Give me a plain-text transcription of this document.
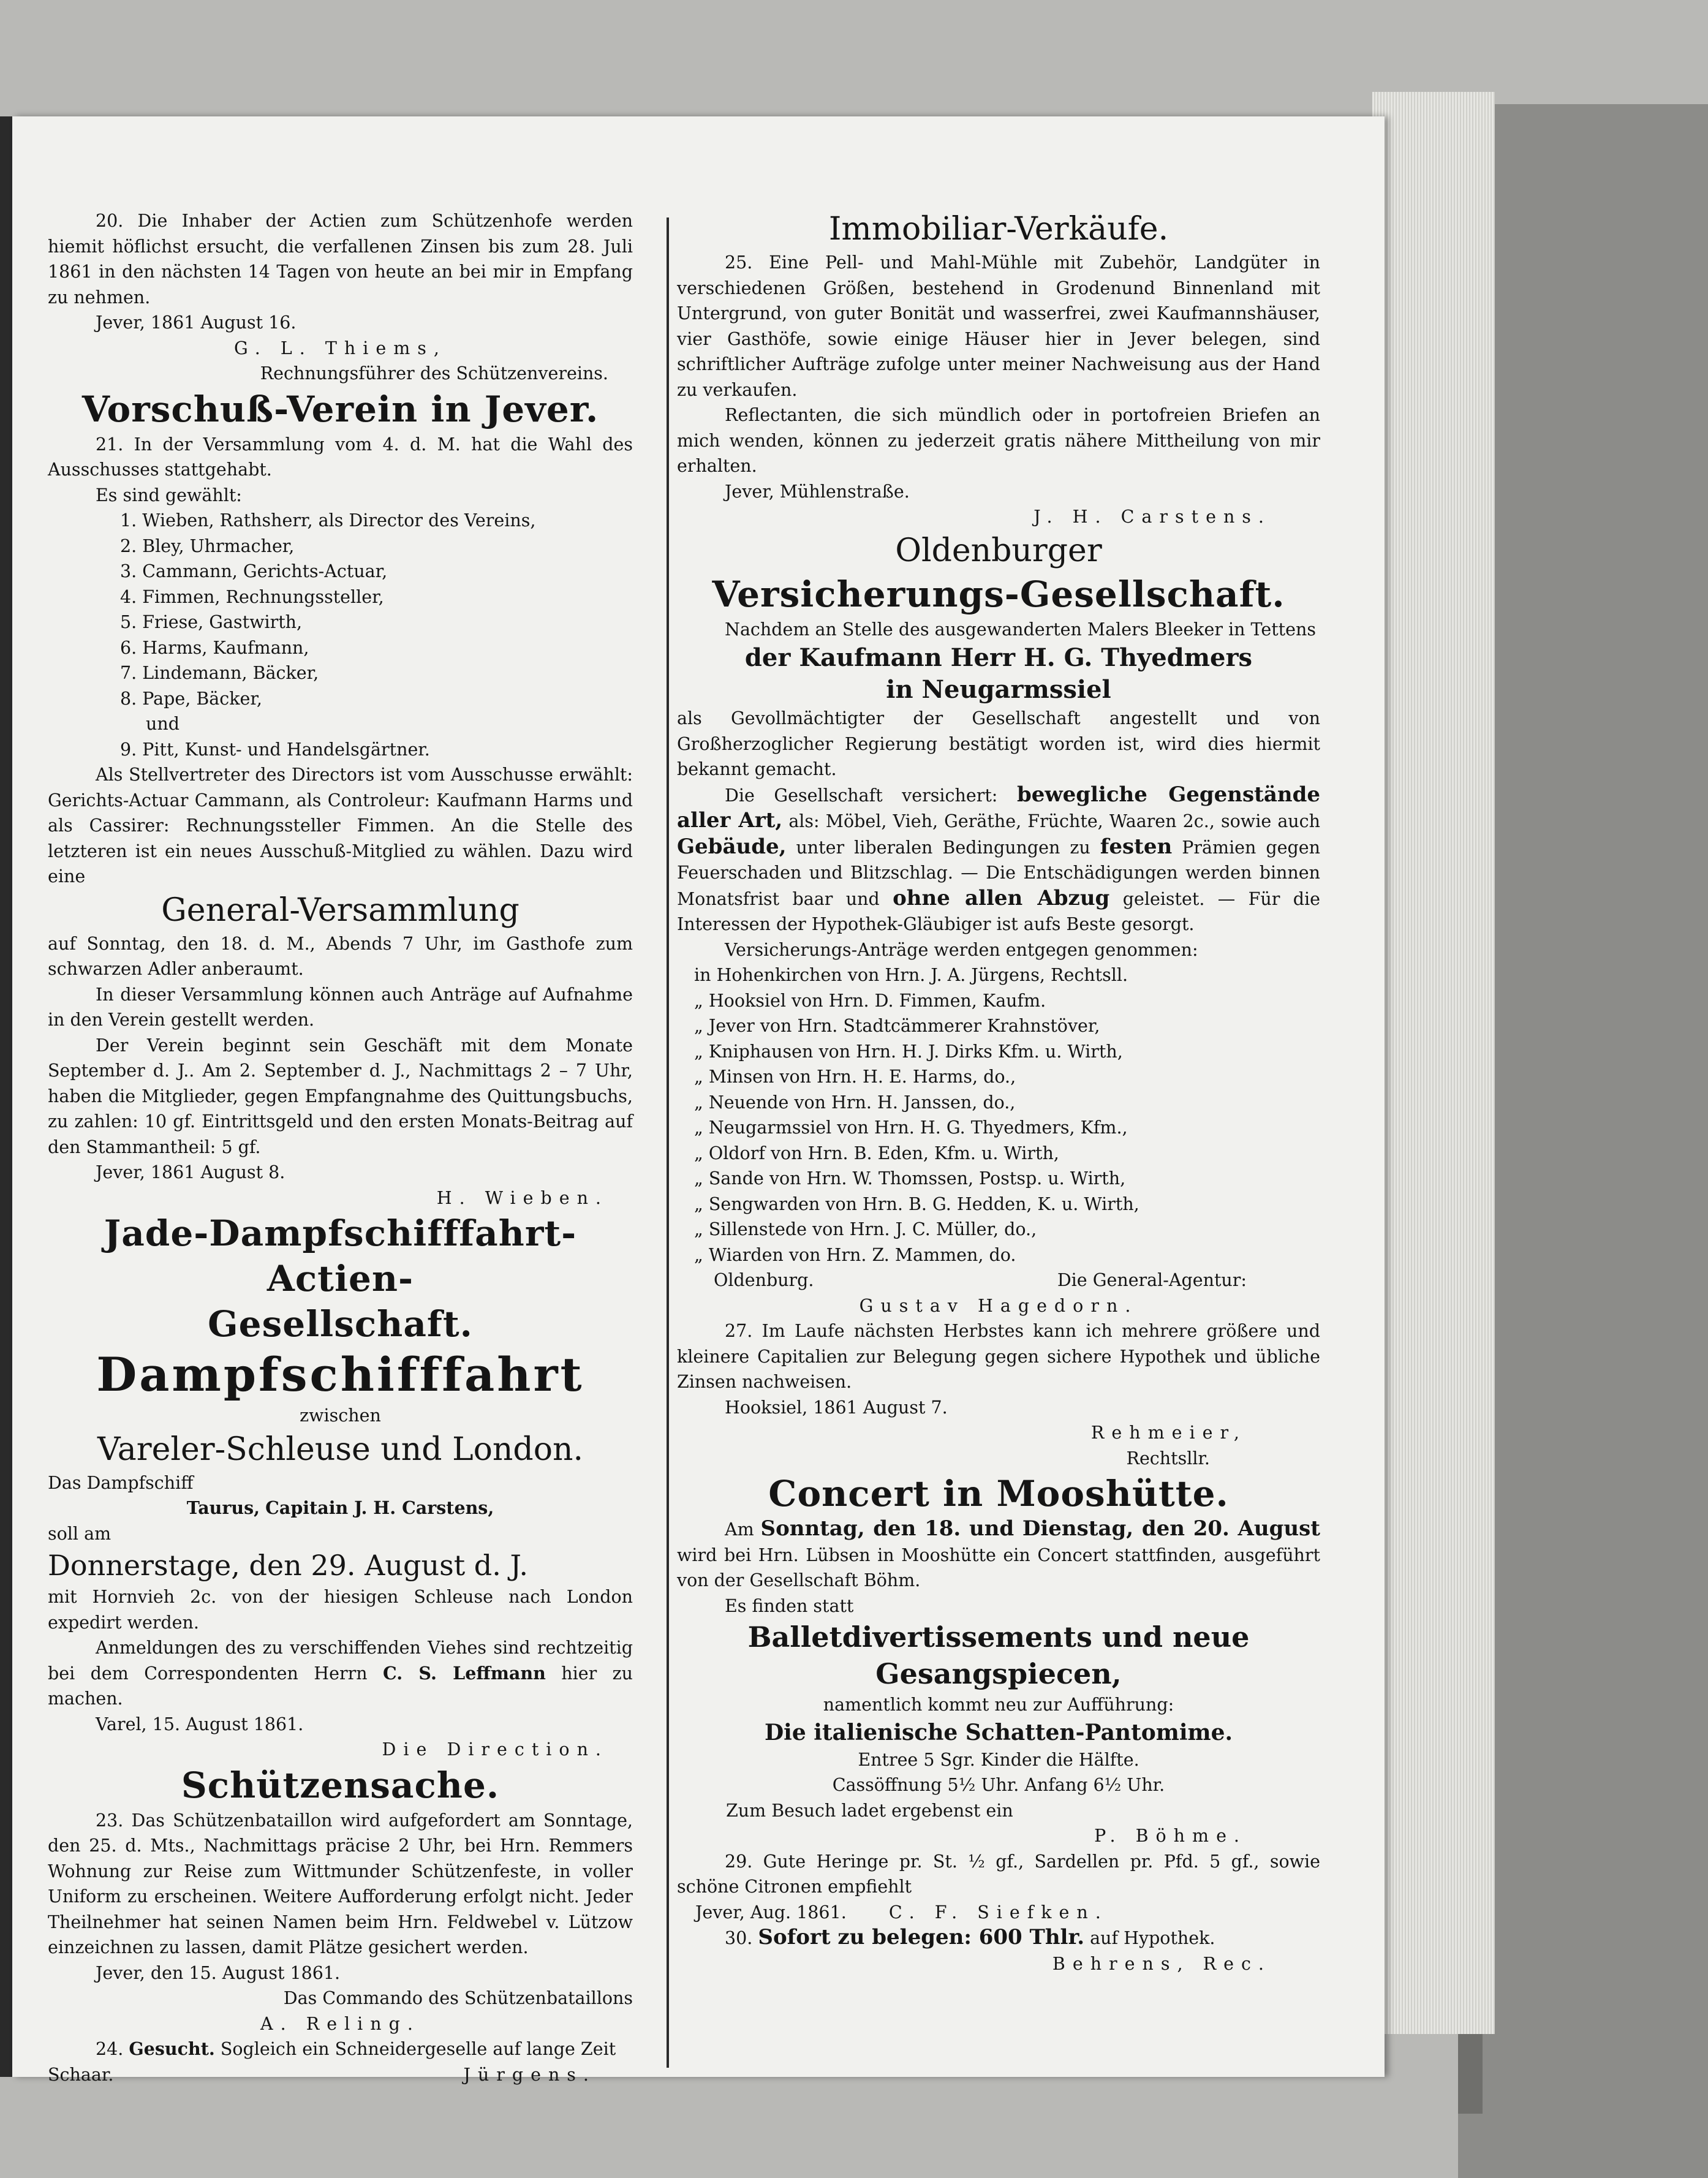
20. Die Inhaber der Actien zum Schützenhofe werden hiemit höflichst ersucht, die verfallenen Zinsen bis zum 28. Juli 1861 in den nächsten 14 Tagen von heute an bei mir in Empfang zu nehmen.
Jever, 1861 August 16.
G. L. Thiems,
Rechnungsführer des Schützenvereins.
Vorschuß-Verein in Jever.
21. In der Versammlung vom 4. d. M. hat die Wahl des Ausschusses stattgehabt.
Es sind gewählt:
1. Wieben, Rathsherr, als Director des Vereins,
2. Bley, Uhrmacher,
3. Cammann, Gerichts-Actuar,
4. Fimmen, Rechnungssteller,
5. Friese, Gastwirth,
6. Harms, Kaufmann,
7. Lindemann, Bäcker,
8. Pape, Bäcker,
und
9. Pitt, Kunst- und Handelsgärtner.
Als Stellvertreter des Directors ist vom Ausschusse erwählt: Gerichts-Actuar Cammann, als Controleur: Kaufmann Harms und als Cassirer: Rechnungssteller Fimmen. An die Stelle des letzteren ist ein neues Ausschuß-Mitglied zu wählen. Dazu wird eine
General-Versammlung
auf Sonntag, den 18. d. M., Abends 7 Uhr, im Gasthofe zum schwarzen Adler anberaumt.
In dieser Versammlung können auch Anträge auf Aufnahme in den Verein gestellt werden.
Der Verein beginnt sein Geschäft mit dem Monate September d. J.. Am 2. September d. J., Nachmittags 2 – 7 Uhr, haben die Mitglieder, gegen Empfangnahme des Quittungsbuchs, zu zahlen: 10 gf. Eintrittsgeld und den ersten Monats-Beitrag auf den Stammantheil: 5 gf.
Jever, 1861 August 8.
H. Wieben.
Jade-Dampfschifffahrt-Actien-
Gesellschaft.
Dampfschifffahrt
zwischen
Vareler-Schleuse und London.
Das Dampfschiff
Taurus, Capitain J. H. Carstens,
soll am
Donnerstage, den 29. August d. J.
mit Hornvieh 2c. von der hiesigen Schleuse nach London expedirt werden.
Anmeldungen des zu verschiffenden Viehes sind rechtzeitig bei dem Correspondenten Herrn C. S. Leffmann hier zu machen.
Varel, 15. August 1861.
Die Direction.
Schützensache.
23. Das Schützenbataillon wird aufgefordert am Sonntage, den 25. d. Mts., Nachmittags präcise 2 Uhr, bei Hrn. Remmers Wohnung zur Reise zum Wittmunder Schützenfeste, in voller Uniform zu erscheinen. Weitere Aufforderung erfolgt nicht. Jeder Theilnehmer hat seinen Namen beim Hrn. Feldwebel v. Lützow einzeichnen zu lassen, damit Plätze gesichert werden.
Jever, den 15. August 1861.
Das Commando des Schützenbataillons
A. Reling.
24. Gesucht. Sogleich ein Schneidergeselle auf lange Zeit
Schaar.	Jürgens.
Immobiliar-Verkäufe.
25. Eine Pell- und Mahl-Mühle mit Zubehör, Landgüter in verschiedenen Größen, bestehend in Grodenund Binnenland mit Untergrund, von guter Bonität und wasserfrei, zwei Kaufmannshäuser, vier Gasthöfe, sowie einige Häuser hier in Jever belegen, sind schriftlicher Aufträge zufolge unter meiner Nachweisung aus der Hand zu verkaufen.
Reflectanten, die sich mündlich oder in portofreien Briefen an mich wenden, können zu jederzeit gratis nähere Mittheilung von mir erhalten.
Jever, Mühlenstraße.
J. H. Carstens.
Oldenburger
Versicherungs-Gesellschaft.
Nachdem an Stelle des ausgewanderten Malers Bleeker in Tettens
der Kaufmann Herr H. G. Thyedmers
in Neugarmssiel
als Gevollmächtigter der Gesellschaft angestellt und von Großherzoglicher Regierung bestätigt worden ist, wird dies hiermit bekannt gemacht.
Die Gesellschaft versichert: bewegliche Gegenstände aller Art, als: Möbel, Vieh, Geräthe, Früchte, Waaren 2c., sowie auch Gebäude, unter liberalen Bedingungen zu festen Prämien gegen Feuerschaden und Blitzschlag. — Die Entschädigungen werden binnen Monatsfrist baar und ohne allen Abzug geleistet. — Für die Interessen der Hypothek-Gläubiger ist aufs Beste gesorgt.
Versicherungs-Anträge werden entgegen genommen:
in Hohenkirchen von Hrn. J. A. Jürgens, Rechtsll.
„ Hooksiel von Hrn. D. Fimmen, Kaufm.
„ Jever von Hrn. Stadtcämmerer Krahnstöver,
„ Kniphausen von Hrn. H. J. Dirks Kfm. u. Wirth,
„ Minsen von Hrn. H. E. Harms, do.,
„ Neuende von Hrn. H. Janssen, do.,
„ Neugarmssiel von Hrn. H. G. Thyedmers, Kfm.,
„ Oldorf von Hrn. B. Eden, Kfm. u. Wirth,
„ Sande von Hrn. W. Thomssen, Postsp. u. Wirth,
„ Sengwarden von Hrn. B. G. Hedden, K. u. Wirth,
„ Sillenstede von Hrn. J. C. Müller, do.,
„ Wiarden von Hrn. Z. Mammen, do.
Oldenburg.	Die General-Agentur:
Gustav Hagedorn.
27. Im Laufe nächsten Herbstes kann ich mehrere größere und kleinere Capitalien zur Belegung gegen sichere Hypothek und übliche Zinsen nachweisen.
Hooksiel, 1861 August 7.
Rehmeier,
Rechtsllr.
Concert in Mooshütte.
Am Sonntag, den 18. und Dienstag, den 20. August wird bei Hrn. Lübsen in Mooshütte ein Concert stattfinden, ausgeführt von der Gesellschaft Böhm.
Es finden statt
Balletdivertissements und neue
Gesangspiecen,
namentlich kommt neu zur Aufführung:
Die italienische Schatten-Pantomime.
Entree 5 Sgr. Kinder die Hälfte.
Cassöffnung 5½ Uhr. Anfang 6½ Uhr.
Zum Besuch ladet ergebenst ein
P. Böhme.
29. Gute Heringe pr. St. ½ gf., Sardellen pr. Pfd. 5 gf., sowie schöne Citronen empfiehlt
Jever, Aug. 1861. C. F. Siefken.
30. Sofort zu belegen: 600 Thlr. auf Hypothek.
Behrens, Rec.
